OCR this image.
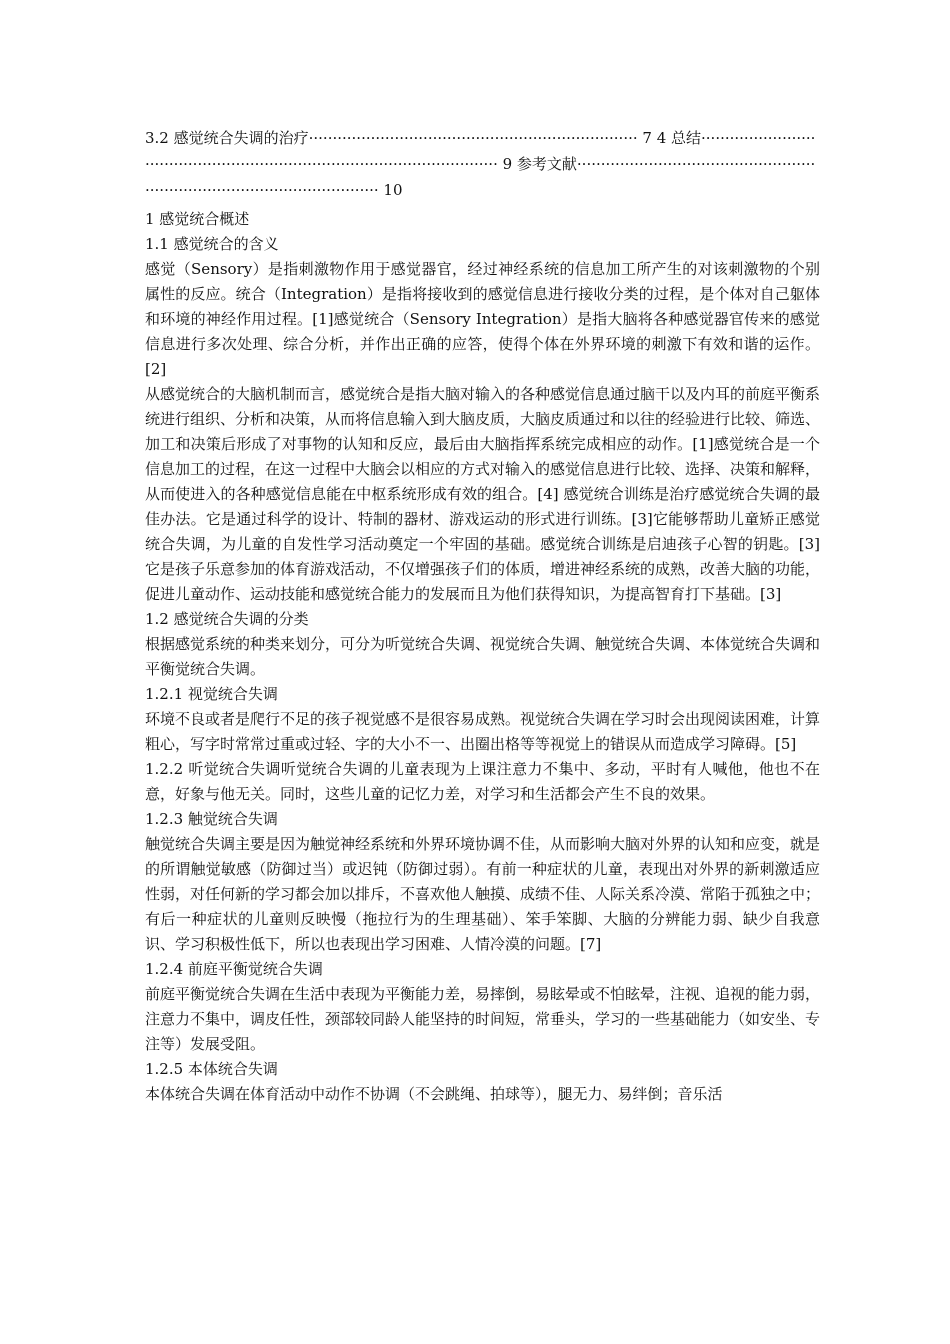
3.2 感觉统合失调的治疗····································································· 7 4 总结·································································································· 9 参考文献··································································································· 10

1 感觉统合概述

1.1 感觉统合的含义

感觉（Sensory）是指刺激物作用于感觉器官，经过神经系统的信息加工所产生的对该刺激物的个别属性的反应。统合（Integration）是指将接收到的感觉信息进行接收分类的过程，是个体对自己躯体和环境的神经作用过程。[1]感觉统合（Sensory Integration）是指大脑将各种感觉器官传来的感觉信息进行多次处理、综合分析，并作出正确的应答，使得个体在外界环境的刺激下有效和谐的运作。[2]

从感觉统合的大脑机制而言，感觉统合是指大脑对输入的各种感觉信息通过脑干以及内耳的前庭平衡系统进行组织、分析和决策，从而将信息输入到大脑皮质，大脑皮质通过和以往的经验进行比较、筛选、加工和决策后形成了对事物的认知和反应，最后由大脑指挥系统完成相应的动作。[1]感觉统合是一个信息加工的过程，在这一过程中大脑会以相应的方式对输入的感觉信息进行比较、选择、决策和解释，从而使进入的各种感觉信息能在中枢系统形成有效的组合。[4] 感觉统合训练是治疗感觉统合失调的最佳办法。它是通过科学的设计、特制的器材、游戏运动的形式进行训练。[3]它能够帮助儿童矫正感觉统合失调，为儿童的自发性学习活动奠定一个牢固的基础。感觉统合训练是启迪孩子心智的钥匙。[3]它是孩子乐意参加的体育游戏活动，不仅增强孩子们的体质，增进神经系统的成熟，改善大脑的功能，促进儿童动作、运动技能和感觉统合能力的发展而且为他们获得知识，为提高智育打下基础。[3]

1.2 感觉统合失调的分类

根据感觉系统的种类来划分，可分为听觉统合失调、视觉统合失调、触觉统合失调、本体觉统合失调和平衡觉统合失调。

1.2.1 视觉统合失调

环境不良或者是爬行不足的孩子视觉感不是很容易成熟。视觉统合失调在学习时会出现阅读困难，计算粗心，写字时常常过重或过轻、字的大小不一、出圈出格等等视觉上的错误从而造成学习障碍。[5]

1.2.2 听觉统合失调听觉统合失调的儿童表现为上课注意力不集中、多动，平时有人喊他，他也不在意，好象与他无关。同时，这些儿童的记忆力差，对学习和生活都会产生不良的效果。

1.2.3 触觉统合失调

触觉统合失调主要是因为触觉神经系统和外界环境协调不佳，从而影响大脑对外界的认知和应变，就是的所谓触觉敏感（防御过当）或迟钝（防御过弱）。有前一种症状的儿童，表现出对外界的新刺激适应性弱，对任何新的学习都会加以排斥，不喜欢他人触摸、成绩不佳、人际关系冷漠、常陷于孤独之中；有后一种症状的儿童则反映慢（拖拉行为的生理基础）、笨手笨脚、大脑的分辨能力弱、缺少自我意识、学习积极性低下，所以也表现出学习困难、人情冷漠的问题。[7]

1.2.4 前庭平衡觉统合失调

前庭平衡觉统合失调在生活中表现为平衡能力差，易摔倒，易眩晕或不怕眩晕，注视、追视的能力弱，注意力不集中，调皮任性，颈部较同龄人能坚持的时间短，常垂头，学习的一些基础能力（如安坐、专注等）发展受阻。

1.2.5 本体统合失调

本体统合失调在体育活动中动作不协调（不会跳绳、拍球等），腿无力、易绊倒；音乐活
